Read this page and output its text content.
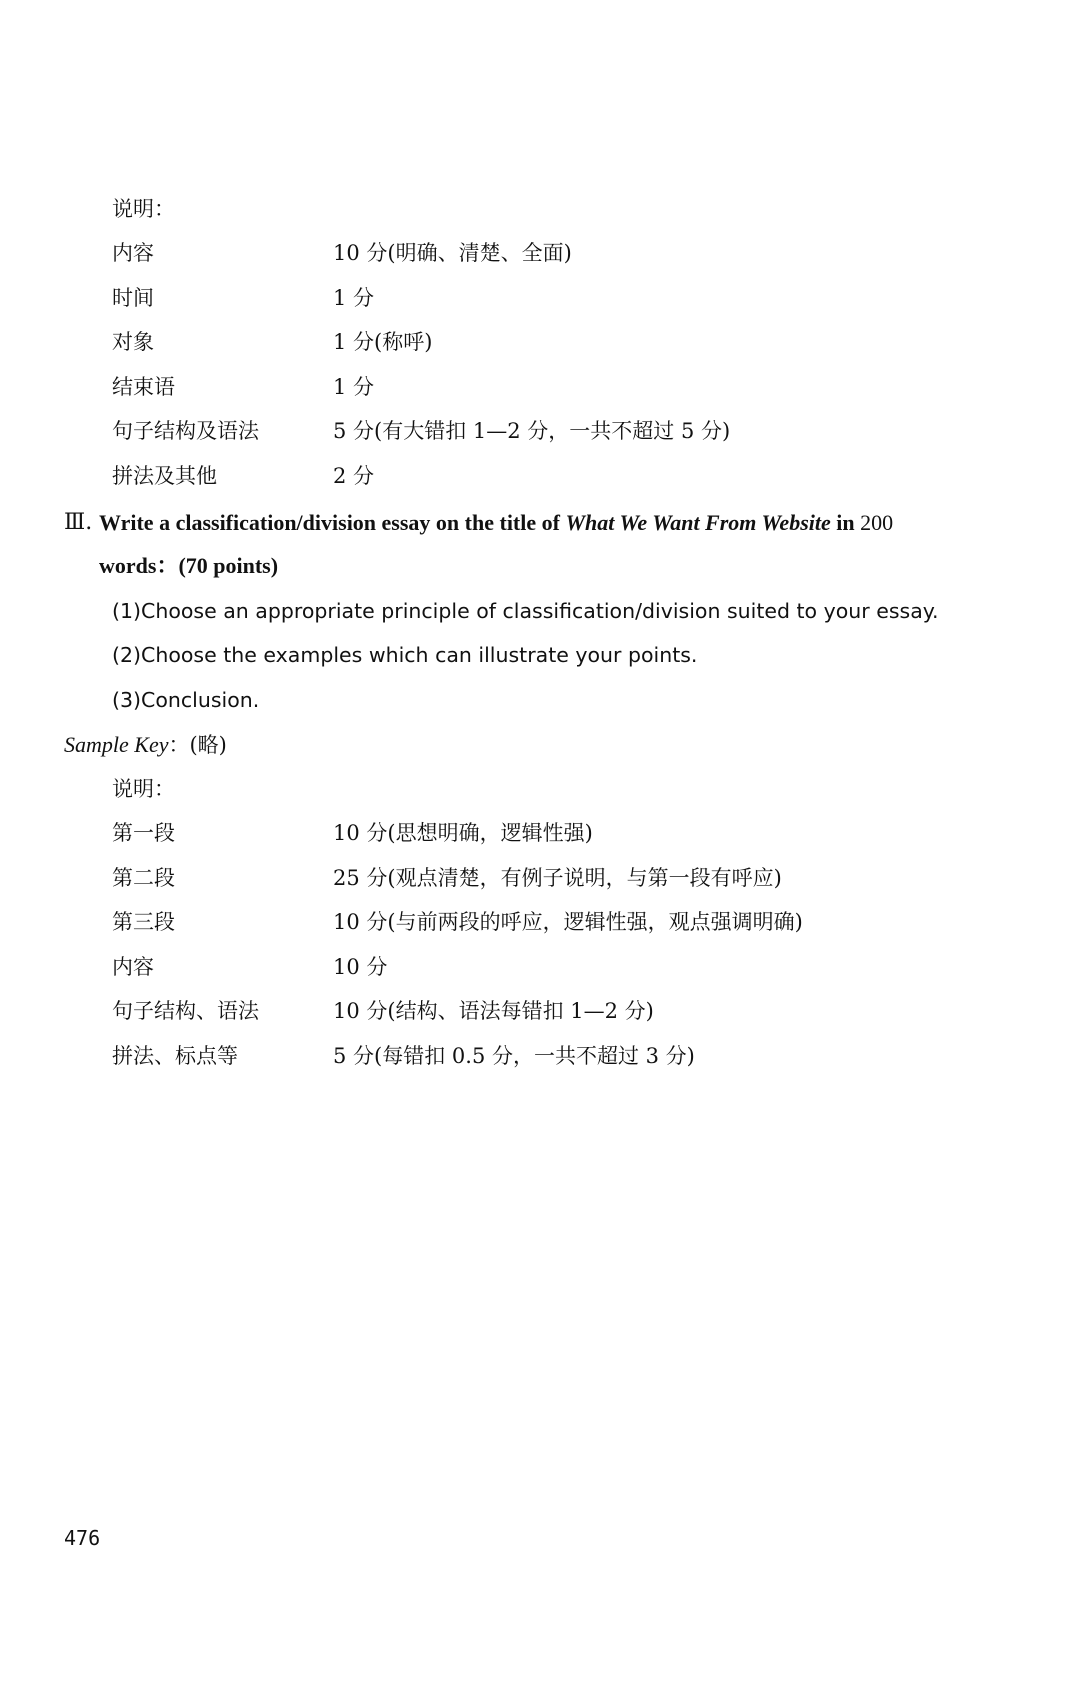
说明：
内容	10 分(明确、清楚、全面)
时间	1 分
对象	1 分(称呼)
结束语	1 分
句子结构及语法	5 分(有大错扣 1—2 分，一共不超过 5 分)
拼法及其他	2 分
Ⅲ. Write a classification/division essay on the title of What We Want From Website in 200
words：(70 points)
(1)Choose an appropriate principle of classification/division suited to your essay.
(2)Choose the examples which can illustrate your points.
(3)Conclusion.
Sample Key：(略)
说明：
第一段	10 分(思想明确，逻辑性强)
第二段	25 分(观点清楚，有例子说明，与第一段有呼应)
第三段	10 分(与前两段的呼应，逻辑性强，观点强调明确)
内容	10 分
句子结构、语法	10 分(结构、语法每错扣 1—2 分)
拼法、标点等	5 分(每错扣 0.5 分，一共不超过 3 分)
476
